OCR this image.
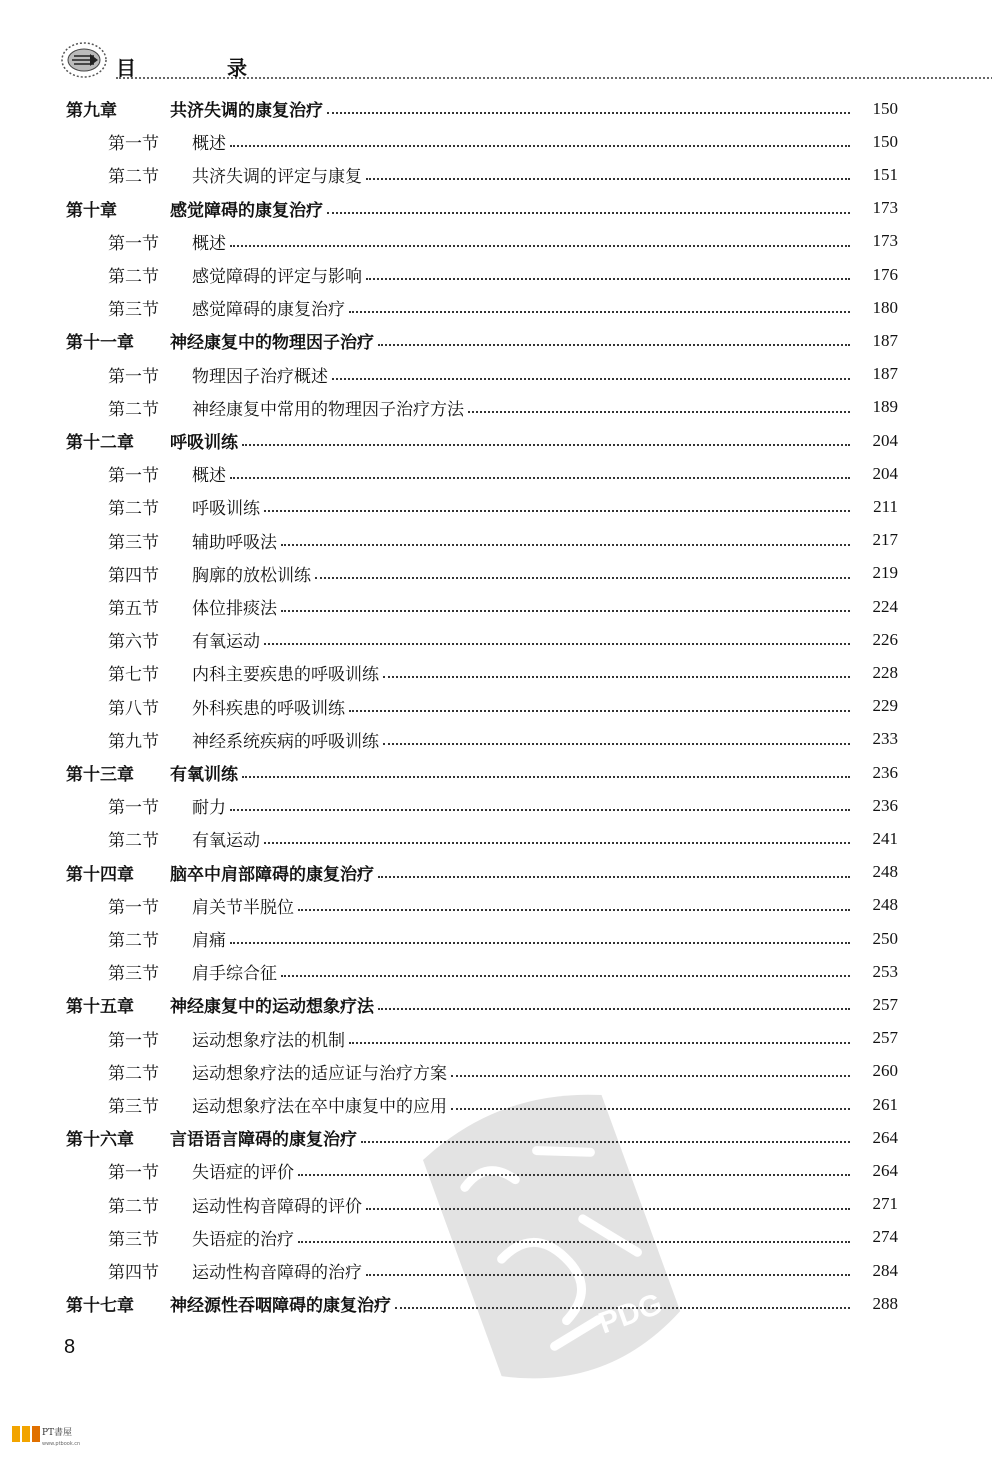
目 录
第九章	共济失调的康复治疗	150
第一节	概述	150
第二节	共济失调的评定与康复	151
第十章	感觉障碍的康复治疗	173
第一节	概述	173
第二节	感觉障碍的评定与影响	176
第三节	感觉障碍的康复治疗	180
第十一章	神经康复中的物理因子治疗	187
第一节	物理因子治疗概述	187
第二节	神经康复中常用的物理因子治疗方法	189
第十二章	呼吸训练	204
第一节	概述	204
第二节	呼吸训练	211
第三节	辅助呼吸法	217
第四节	胸廓的放松训练	219
第五节	体位排痰法	224
第六节	有氧运动	226
第七节	内科主要疾患的呼吸训练	228
第八节	外科疾患的呼吸训练	229
第九节	神经系统疾病的呼吸训练	233
第十三章	有氧训练	236
第一节	耐力	236
第二节	有氧运动	241
第十四章	脑卒中肩部障碍的康复治疗	248
第一节	肩关节半脱位	248
第二节	肩痛	250
第三节	肩手综合征	253
第十五章	神经康复中的运动想象疗法	257
第一节	运动想象疗法的机制	257
第二节	运动想象疗法的适应证与治疗方案	260
第三节	运动想象疗法在卒中康复中的应用	261
第十六章	言语语言障碍的康复治疗	264
第一节	失语症的评价	264
第二节	运动性构音障碍的评价	271
第三节	失语症的治疗	274
第四节	运动性构音障碍的治疗	284
第十七章	神经源性吞咽障碍的康复治疗	288
8
PDG
PT書屋
www.ptbook.cn
